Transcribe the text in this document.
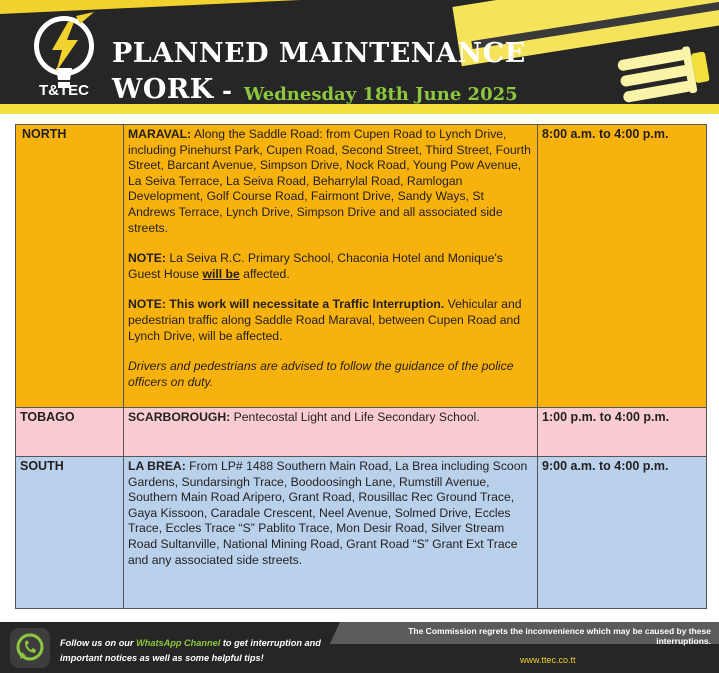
T&TEC
PLANNED MAINTENANCE
WORK - Wednesday 18th June 2025
NORTH	MARAVAL: Along the Saddle Road: from Cupen Road to Lynch Drive, including Pinehurst Park, Cupen Road, Second Street, Third Street, Fourth Street, Barcant Avenue, Simpson Drive, Nock Road, Young Pow Avenue, La Seiva Terrace, La Seiva Road, Beharrylal Road, Ramlogan Development, Golf Course Road, Fairmont Drive, Sandy Ways, St Andrews Terrace, Lynch Drive, Simpson Drive and all associated side streets.
NOTE: La Seiva R.C. Primary School, Chaconia Hotel and Monique's Guest House will be affected.
NOTE: This work will necessitate a Traffic Interruption. Vehicular and pedestrian traffic along Saddle Road Maraval, between Cupen Road and Lynch Drive, will be affected.
Drivers and pedestrians are advised to follow the guidance of the police officers on duty.	8:00 a.m. to 4:00 p.m.
TOBAGO	SCARBOROUGH: Pentecostal Light and Life Secondary School.	1:00 p.m. to 4:00 p.m.
SOUTH	LA BREA: From LP# 1488 Southern Main Road, La Brea including Scoon Gardens, Sundarsingh Trace, Boodoosingh Lane, Rumstill Avenue, Southern Main Road Aripero, Grant Road, Rousillac Rec Ground Trace, Gaya Kissoon, Caradale Crescent, Neel Avenue, Solmed Drive, Eccles Trace, Eccles Trace “S” Pablito Trace, Mon Desir Road, Silver Stream Road Sultanville, National Mining Road, Grant Road “S” Grant Ext Trace and any associated side streets.	9:00 a.m. to 4:00 p.m.
Follow us on our WhatsApp Channel to get interruption and important notices as well as some helpful tips!
The Commission regrets the inconvenience which may be caused by these interruptions.
www.ttec.co.tt
